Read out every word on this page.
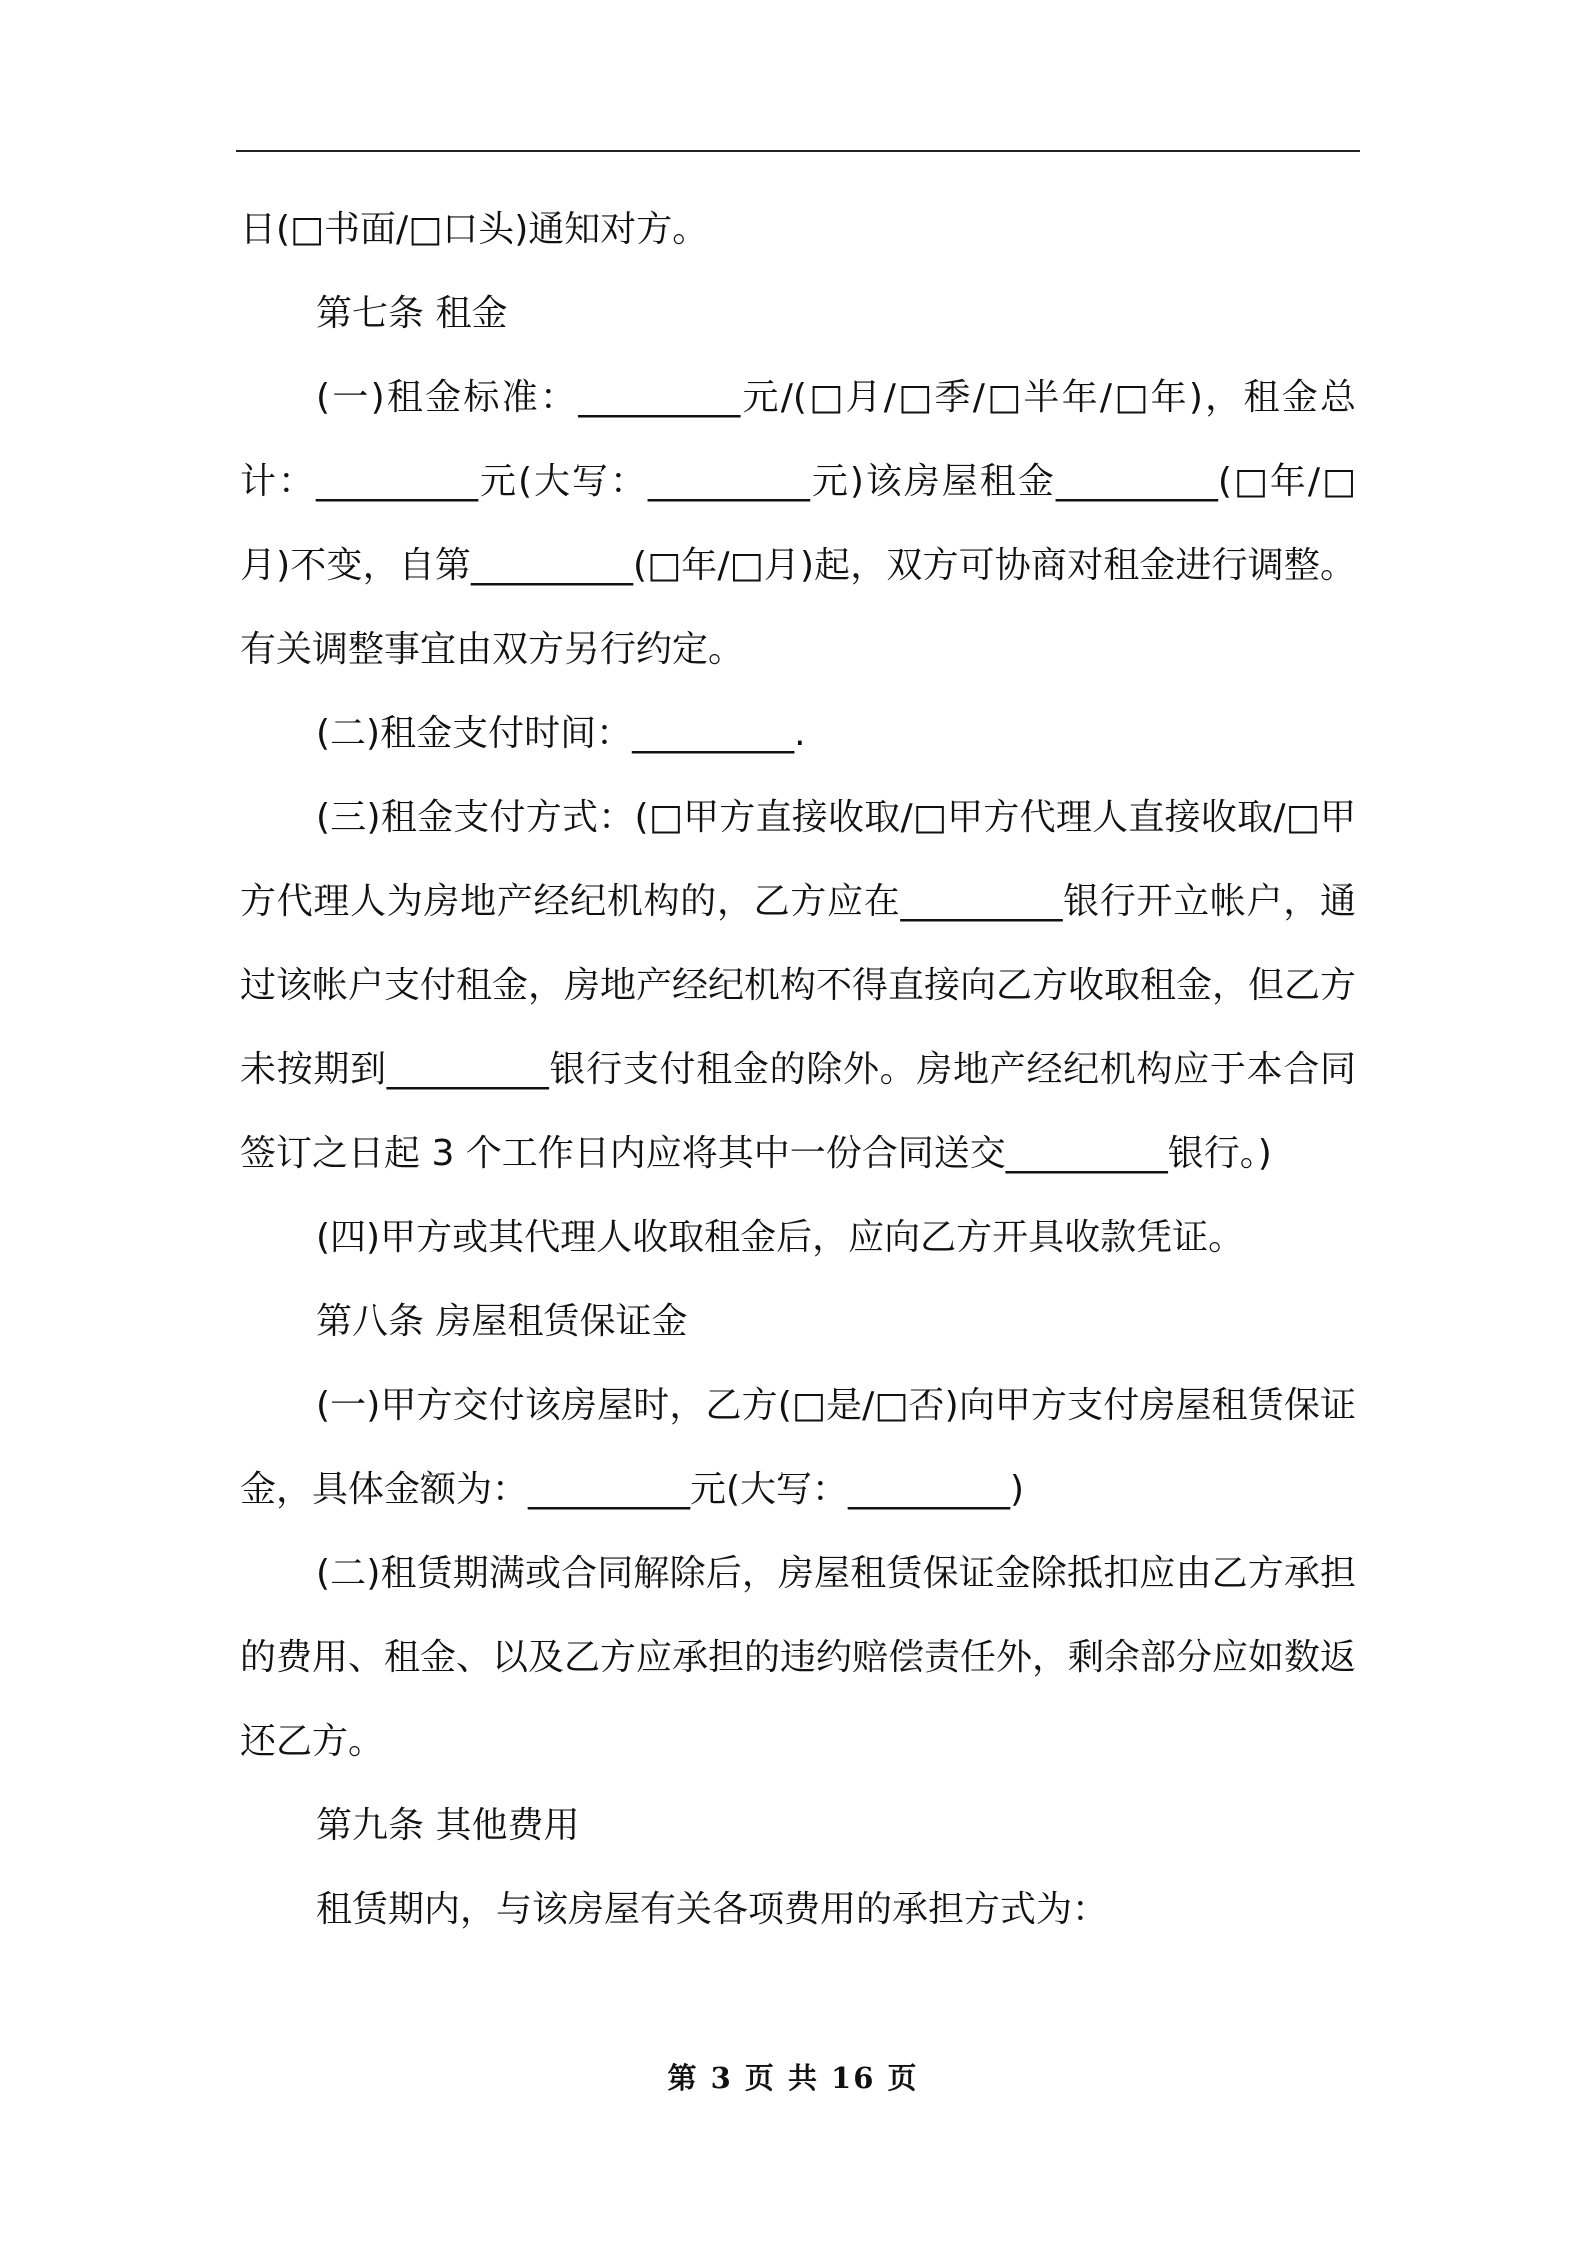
日(□书面/□口头)通知对方。

第七条 租金

(一)租金标准：_________元/(□月/□季/□半年/□年)，租金总计：_________元(大写：_________元)该房屋租金_________(□年/□月)不变，自第_________(□年/□月)起，双方可协商对租金进行调整。有关调整事宜由双方另行约定。

(二)租金支付时间：_________.

(三)租金支付方式：(□甲方直接收取/□甲方代理人直接收取/□甲方代理人为房地产经纪机构的，乙方应在_________银行开立帐户，通过该帐户支付租金，房地产经纪机构不得直接向乙方收取租金，但乙方未按期到_________银行支付租金的除外。房地产经纪机构应于本合同签订之日起 3 个工作日内应将其中一份合同送交_________银行。)

(四)甲方或其代理人收取租金后，应向乙方开具收款凭证。

第八条 房屋租赁保证金

(一)甲方交付该房屋时，乙方(□是/□否)向甲方支付房屋租赁保证金，具体金额为：_________元(大写：_________)

(二)租赁期满或合同解除后，房屋租赁保证金除抵扣应由乙方承担的费用、租金、以及乙方应承担的违约赔偿责任外，剩余部分应如数返还乙方。

第九条 其他费用

租赁期内，与该房屋有关各项费用的承担方式为：

第 3 页 共 16 页
